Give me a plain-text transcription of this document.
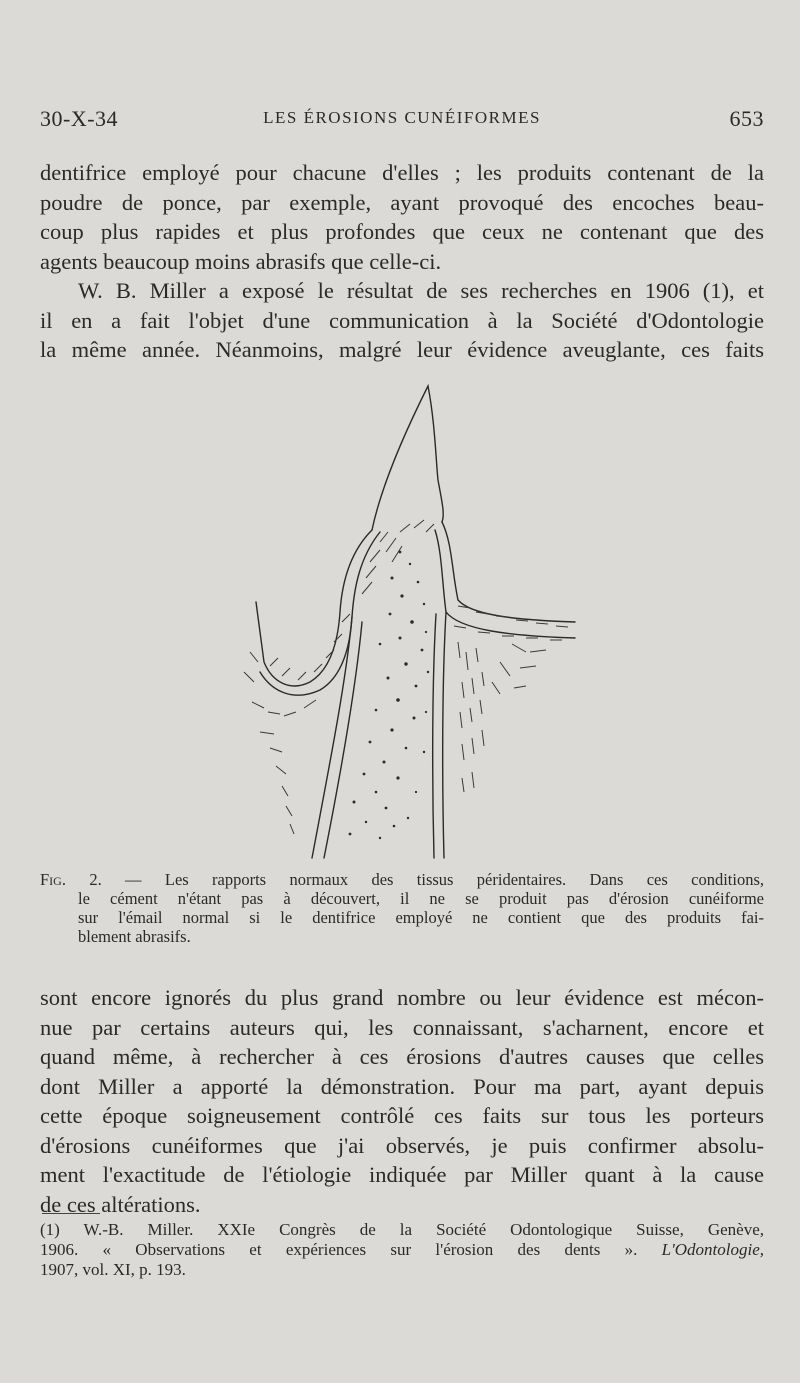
30-X-34	LES ÉROSIONS CUNÉIFORMES	653
dentifrice employé pour chacune d'elles ; les produits contenant de la
poudre de ponce, par exemple, ayant provoqué des encoches beau-
coup plus rapides et plus profondes que ceux ne contenant que des
agents beaucoup moins abrasifs que celle-ci.
W. B. Miller a exposé le résultat de ses recherches en 1906 (1), et
il en a fait l'objet d'une communication à la Société d'Odontologie
la même année. Néanmoins, malgré leur évidence aveuglante, ces faits
Fig. 2. — Les rapports normaux des tissus péridentaires. Dans ces conditions,
le cément n'étant pas à découvert, il ne se produit pas d'érosion cunéiforme
sur l'émail normal si le dentifrice employé ne contient que des produits fai-
blement abrasifs.
sont encore ignorés du plus grand nombre ou leur évidence est mécon-
nue par certains auteurs qui, les connaissant, s'acharnent, encore et
quand même, à rechercher à ces érosions d'autres causes que celles
dont Miller a apporté la démonstration. Pour ma part, ayant depuis
cette époque soigneusement contrôlé ces faits sur tous les porteurs
d'érosions cunéiformes que j'ai observés, je puis confirmer absolu-
ment l'exactitude de l'étiologie indiquée par Miller quant à la cause
de ces altérations.
(1) W.-B. Miller. XXIe Congrès de la Société Odontologique Suisse, Genève,
1906. « Observations et expériences sur l'érosion des dents ». L'Odontologie,
1907, vol. XI, p. 193.
